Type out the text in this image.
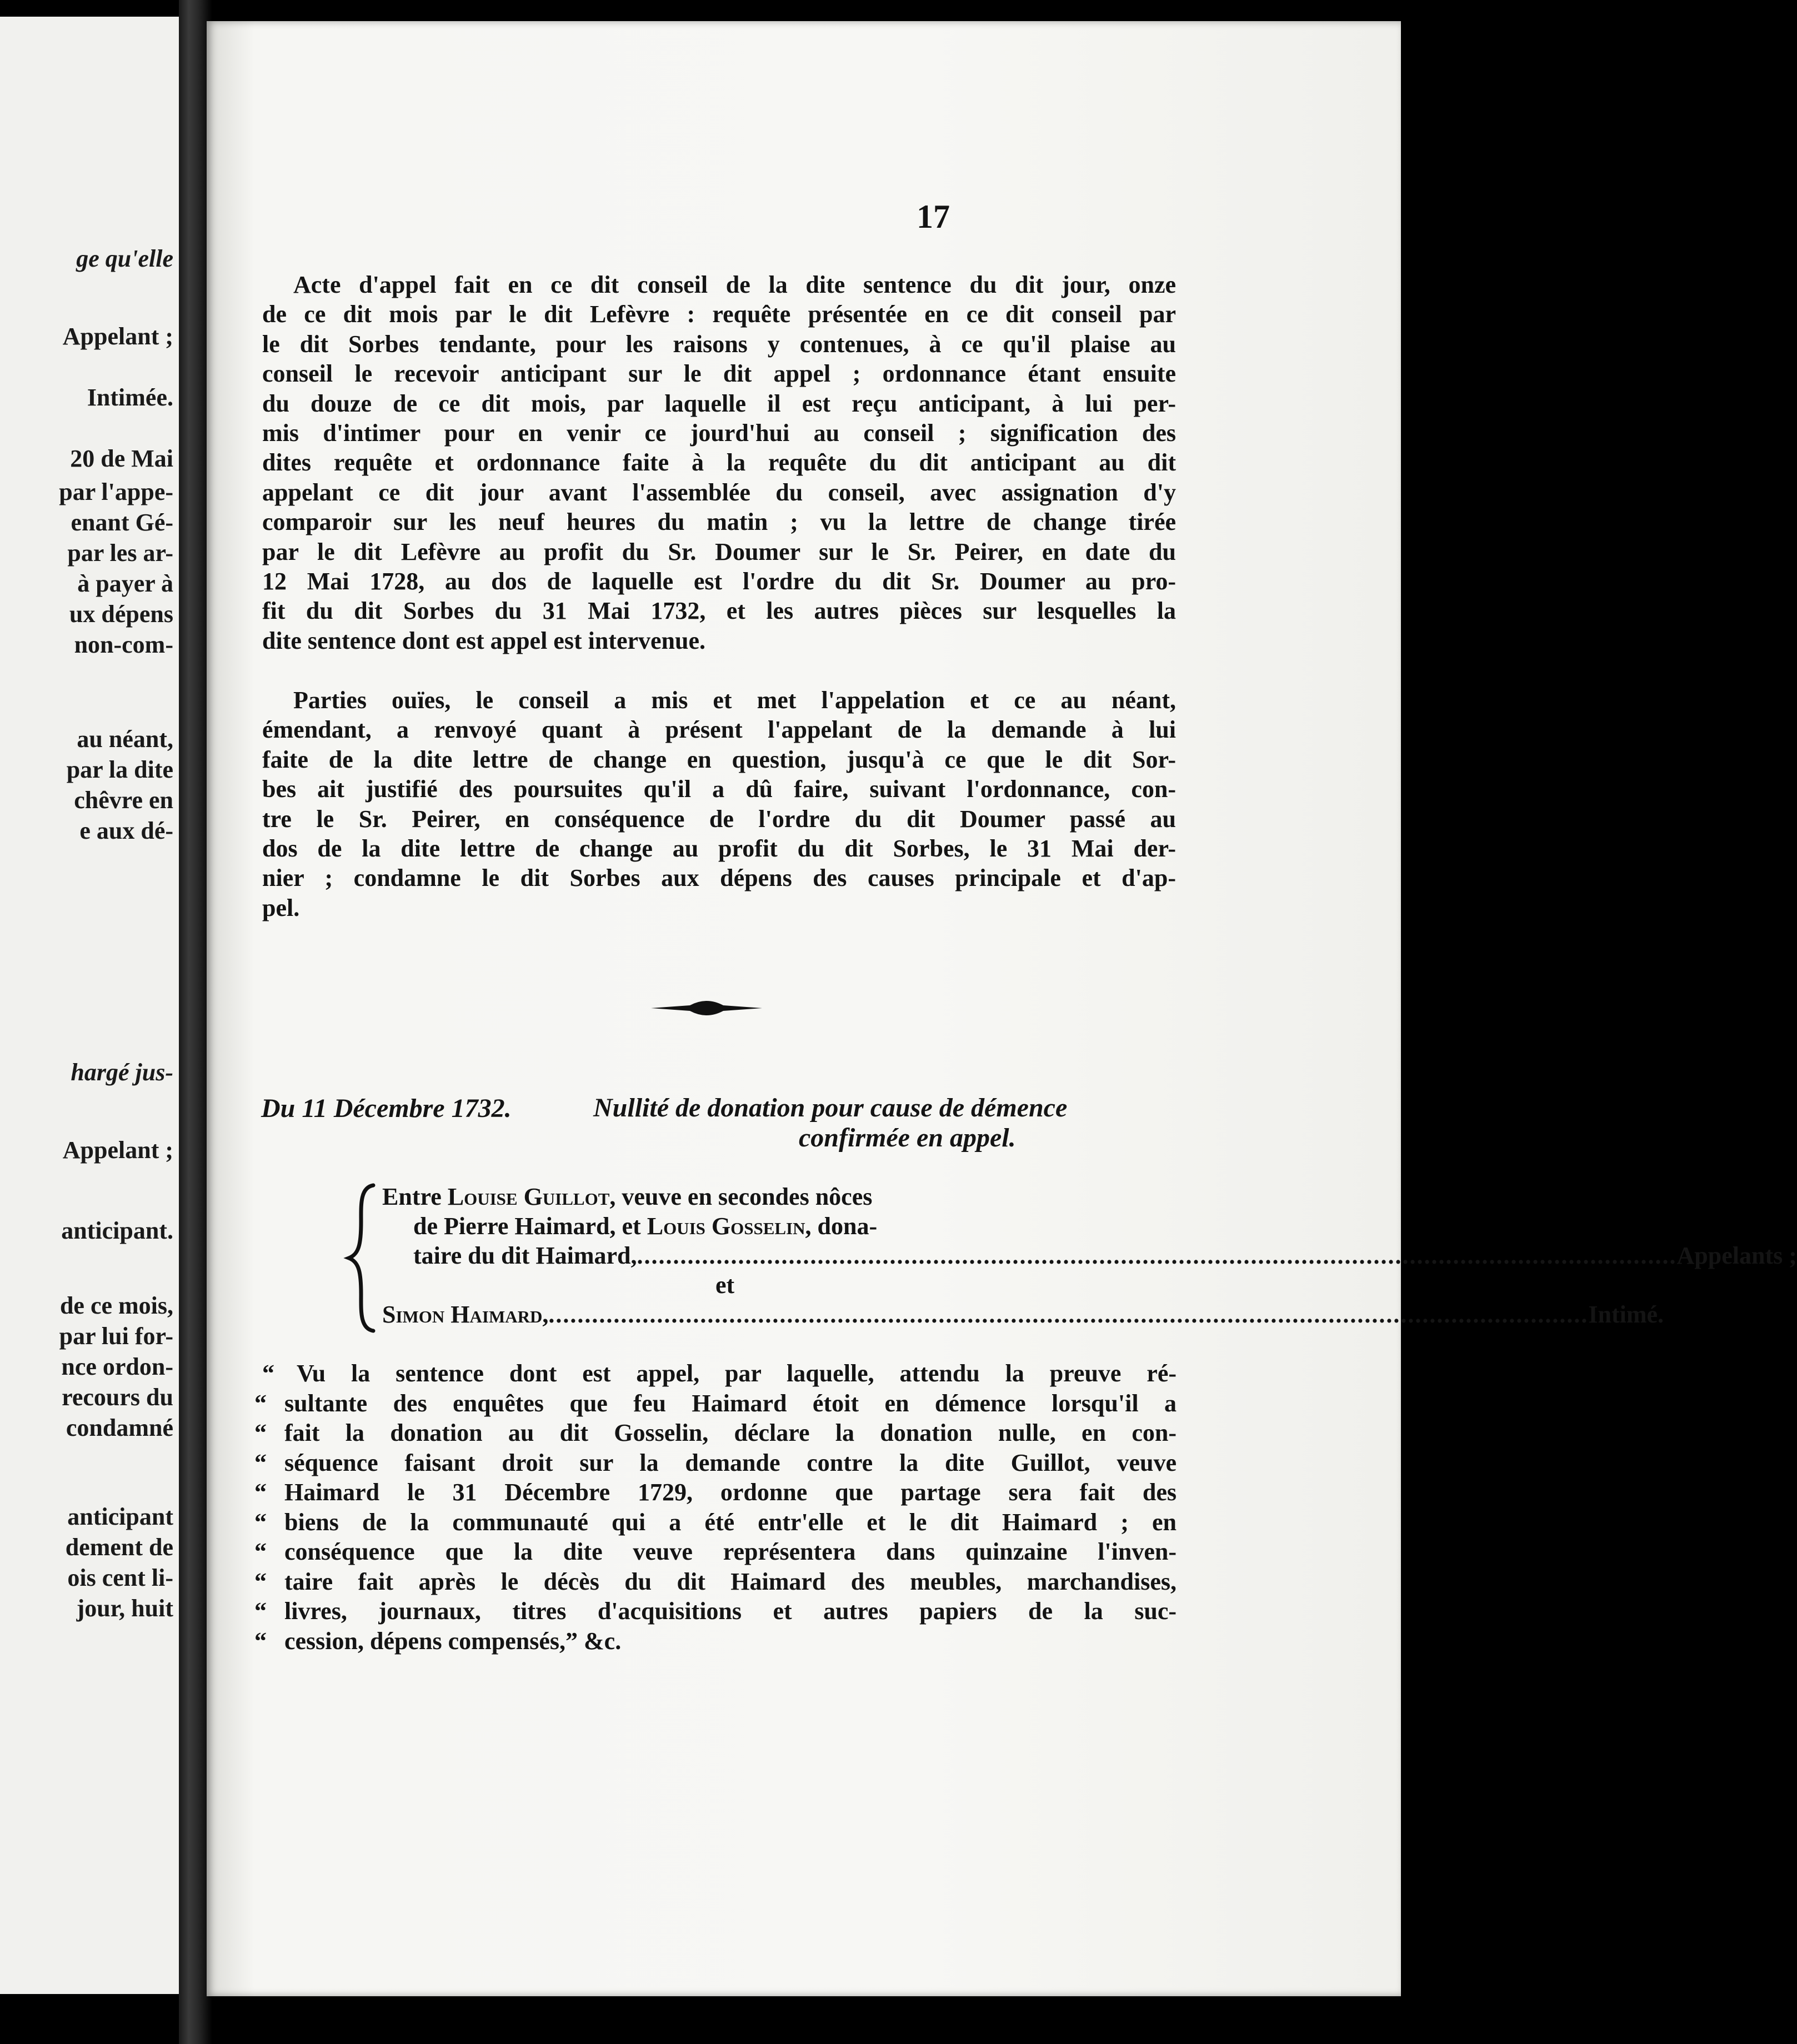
ge qu'elle
Appelant ;
Intimée.
20 de Mai
par l'appe-
enant Gé-
par les ar-
à payer à
ux dépens
non-com-
au néant,
par la dite
chêvre en
e aux dé-
hargé jus-
Appelant ;
anticipant.
de ce mois,
par lui for-
nce ordon-
recours du
condamné
anticipant
dement de
ois cent li-
jour, huit
17
Acte d'appel fait en ce dit conseil de la dite sentence du dit jour, onze
de ce dit mois par le dit Lefèvre : requête présentée en ce dit conseil par
le dit Sorbes tendante, pour les raisons y contenues, à ce qu'il plaise au
conseil le recevoir anticipant sur le dit appel ; ordonnance étant ensuite
du douze de ce dit mois, par laquelle il est reçu anticipant, à lui per-
mis d'intimer pour en venir ce jourd'hui au conseil ; signification des
dites requête et ordonnance faite à la requête du dit anticipant au dit
appelant ce dit jour avant l'assemblée du conseil, avec assignation d'y
comparoir sur les neuf heures du matin ; vu la lettre de change tirée
par le dit Lefèvre au profit du Sr. Doumer sur le Sr. Peirer, en date du
12 Mai 1728, au dos de laquelle est l'ordre du dit Sr. Doumer au pro-
fit du dit Sorbes du 31 Mai 1732, et les autres pièces sur lesquelles la
dite sentence dont est appel est intervenue.
Parties ouïes, le conseil a mis et met l'appelation et ce au néant,
émendant, a renvoyé quant à présent l'appelant de la demande à lui
faite de la dite lettre de change en question, jusqu'à ce que le dit Sor-
bes ait justifié des poursuites qu'il a dû faire, suivant l'ordonnance, con-
tre le Sr. Peirer, en conséquence de l'ordre du dit Doumer passé au
dos de la dite lettre de change au profit du dit Sorbes, le 31 Mai der-
nier ; condamne le dit Sorbes aux dépens des causes principale et d'ap-
pel.
Du 11 Décembre 1732.	Nullité de donation pour cause de démence
confirmée en appel.
Entre Louise Guillot, veuve en secondes nôces
de Pierre Haimard, et Louis Gosselin, dona-
taire du dit Haimard, .....	Appelants ;
et
Simon Haimard, .....	Intimé.
“ Vu la sentence dont est appel, par laquelle, attendu la preuve ré-
“ sultante des enquêtes que feu Haimard étoit en démence lorsqu'il a
“ fait la donation au dit Gosselin, déclare la donation nulle, en con-
“ séquence faisant droit sur la demande contre la dite Guillot, veuve
“ Haimard le 31 Décembre 1729, ordonne que partage sera fait des
“ biens de la communauté qui a été entr'elle et le dit Haimard ; en
“ conséquence que la dite veuve représentera dans quinzaine l'inven-
“ taire fait après le décès du dit Haimard des meubles, marchandises,
“ livres, journaux, titres d'acquisitions et autres papiers de la suc-
“ cession, dépens compensés,” &c.
